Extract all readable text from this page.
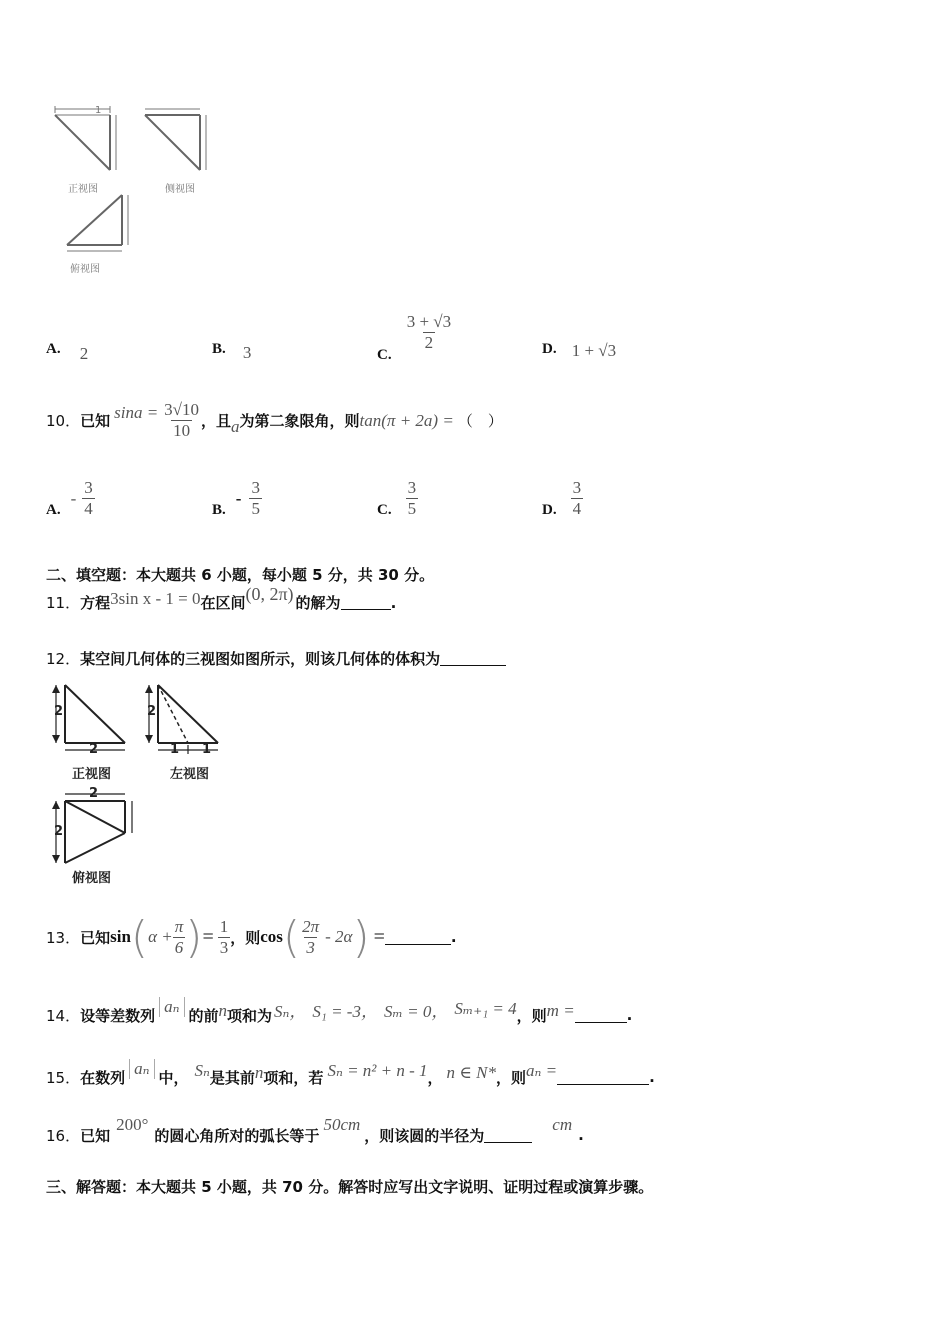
1
正视图	侧视图
俯视图
A. 2	B. 3	C.
$\frac{3 + √3}{2}$	D. 1 + √3
10． 已知 $\sin a = \frac{3√10}{10}$ ，且 a 为第二象限角，则 tan(π + 2a) = （　）
A.
- $\frac{3}{4}$	B.
- $\frac{3}{5}$	C. $\frac{3}{5}$	D. $\frac{3}{4}$
二、填空题：本大题共 6 小题，每小题 5 分，共 30 分。
11． 方程 3sin x - 1 = 0 在区间 (0, 2π) 的解为	.
12． 某空间几何体的三视图如图所示，则该几何体的体积为
2
2
2
1 1
2
2
正视图	左视图
俯视图
13． 已知 sin ( $\alpha + \frac{\pi}{6}$ ) = $\frac{1}{3}$ ，则 cos ( $\frac{2\pi}{3} - 2\alpha$ ) =	.
14． 设等差数列 aₙ 的前 n 项和为 Sₙ， S₁ = -3， Sₘ = 0， Sₘ₊₁ = 4 ，则 m =	.
15． 在数列 aₙ 中， Sₙ 是其前 n 项和，若 Sₙ = n² + n - 1 ， n ∈ N* ，则 aₙ =	.
16． 已知
200°
的圆心角所对的弧长等于
50cm
，则该圆的半径为
cm
.
三、解答题：本大题共 5 小题，共 70 分。解答时应写出文字说明、证明过程或演算步骤。
